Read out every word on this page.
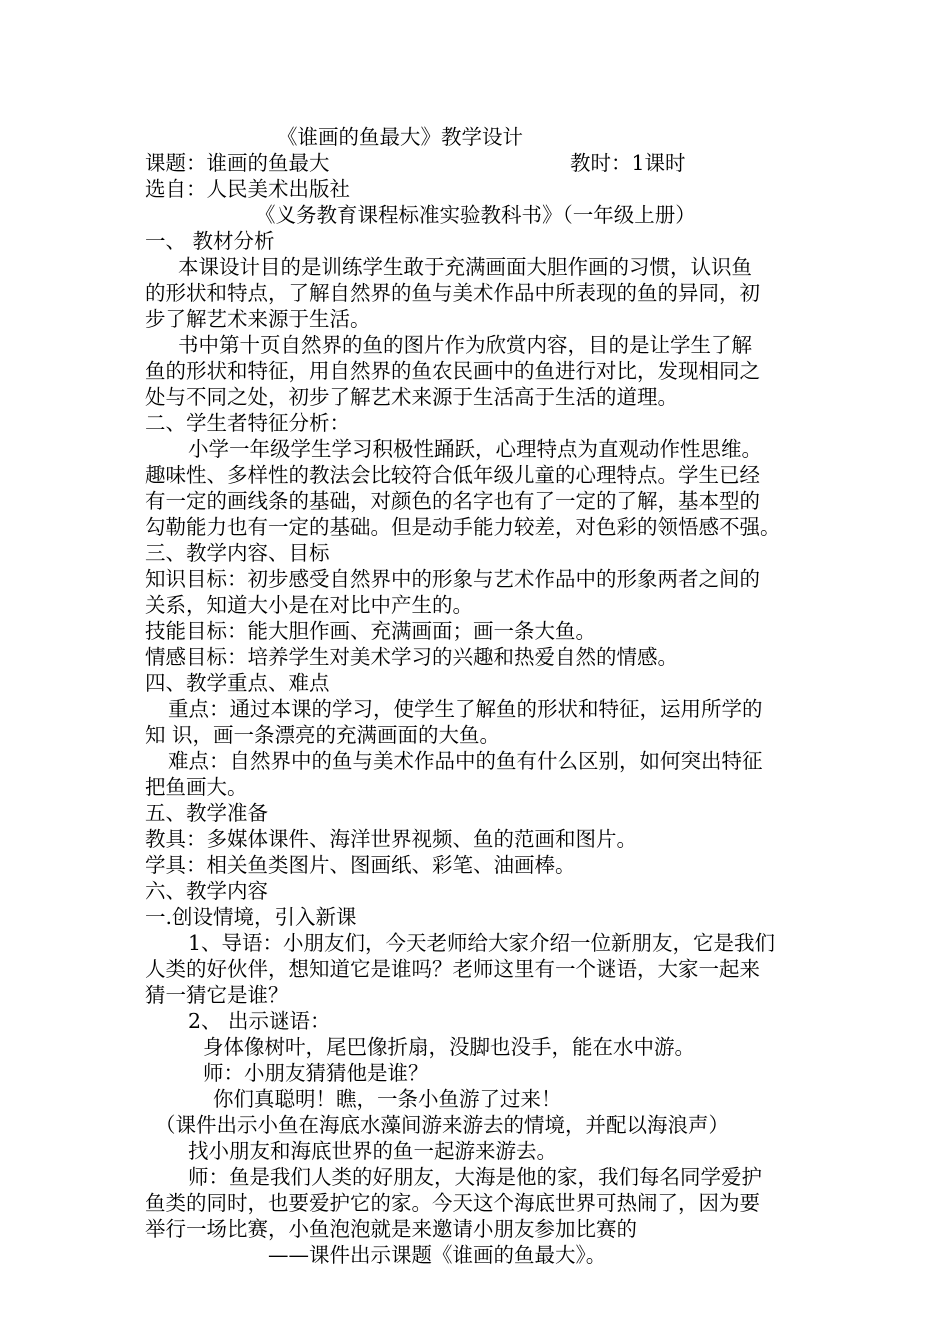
《谁画的鱼最大》教学设计
课题：谁画的鱼最大	教时：1课时
选自：人民美术出版社
《义务教育课程标准实验教科书》（一年级上册）
一、 教材分析
本课设计目的是训练学生敢于充满画面大胆作画的习惯，认识鱼
的形状和特点，了解自然界的鱼与美术作品中所表现的鱼的异同，初
步了解艺术来源于生活。
书中第十页自然界的鱼的图片作为欣赏内容，目的是让学生了解
鱼的形状和特征，用自然界的鱼农民画中的鱼进行对比，发现相同之
处与不同之处，初步了解艺术来源于生活高于生活的道理。
二、学生者特征分析：
小学一年级学生学习积极性踊跃，心理特点为直观动作性思维。
趣味性、多样性的教法会比较符合低年级儿童的心理特点。学生已经
有一定的画线条的基础，对颜色的名字也有了一定的了解，基本型的
勾勒能力也有一定的基础。但是动手能力较差，对色彩的领悟感不强。
三、教学内容、目标
知识目标：初步感受自然界中的形象与艺术作品中的形象两者之间的
关系，知道大小是在对比中产生的。
技能目标：能大胆作画、充满画面；画一条大鱼。
情感目标：培养学生对美术学习的兴趣和热爱自然的情感。
四、教学重点、难点
重点：通过本课的学习，使学生了解鱼的形状和特征，运用所学的
知 识，画一条漂亮的充满画面的大鱼。
难点：自然界中的鱼与美术作品中的鱼有什么区别，如何突出特征
把鱼画大。
五、教学准备
教具：多媒体课件、海洋世界视频、鱼的范画和图片。
学具：相关鱼类图片、图画纸、彩笔、油画棒。
六、教学内容
一.创设情境，引入新课
1、导语：小朋友们，今天老师给大家介绍一位新朋友，它是我们
人类的好伙伴，想知道它是谁吗？老师这里有一个谜语，大家一起来
猜一猜它是谁？
2、 出示谜语：
身体像树叶，尾巴像折扇，没脚也没手，能在水中游。
师：小朋友猜猜他是谁？
你们真聪明！瞧，一条小鱼游了过来！
（课件出示小鱼在海底水藻间游来游去的情境，并配以海浪声）
找小朋友和海底世界的鱼一起游来游去。
师：鱼是我们人类的好朋友，大海是他的家，我们每名同学爱护
鱼类的同时，也要爱护它的家。今天这个海底世界可热闹了，因为要
举行一场比赛，小鱼泡泡就是来邀请小朋友参加比赛的
——课件出示课题《谁画的鱼最大》。
